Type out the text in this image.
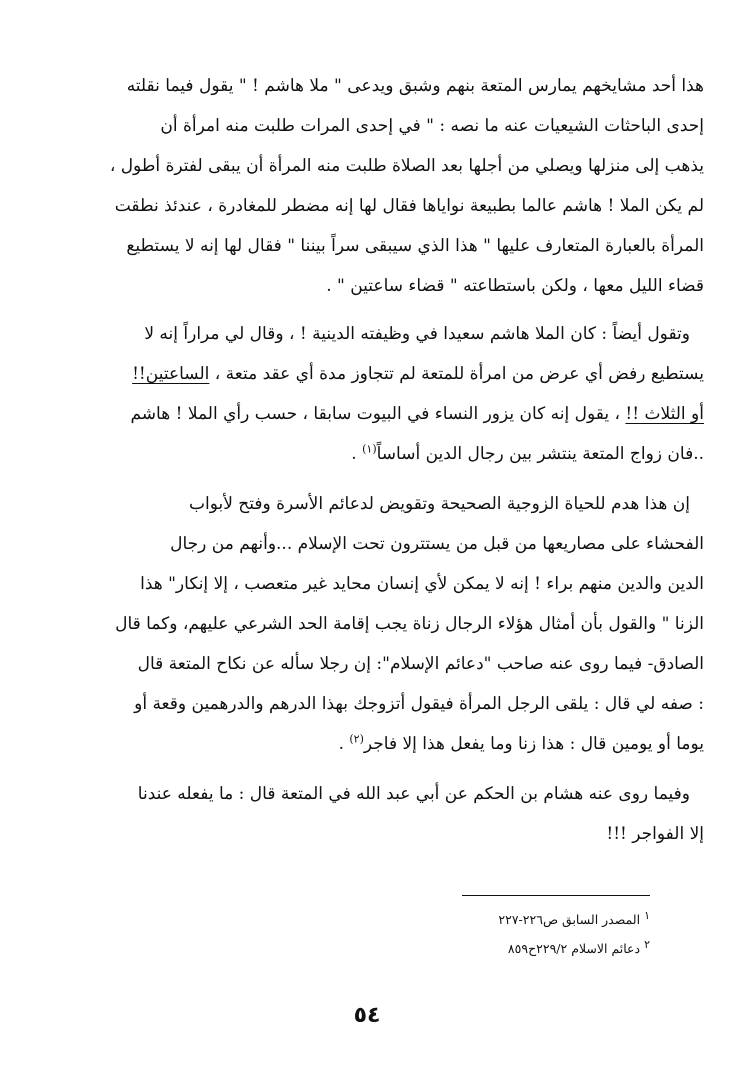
هذا أحد مشايخهم يمارس المتعة بنهم وشبق ويدعى " ملا هاشم ! " يقول فيما نقلته

إحدى الباحثات الشيعيات عنه ما نصه : " في إحدى المرات طلبت منه امرأة أن

يذهب إلى منزلها ويصلي من أجلها بعد الصلاة طلبت منه المرأة أن يبقى لفترة أطول ،

لم يكن الملا ! هاشم عالما بطبيعة نواياها فقال لها إنه مضطر للمغادرة ، عندئذ نطقت

المرأة بالعبارة المتعارف عليها " هذا الذي سيبقى سراً بيننا " فقال لها إنه لا يستطيع

قضاء الليل معها ، ولكن باستطاعته " قضاء ساعتين " .

وتقول أيضاً : كان الملا هاشم سعيدا في وظيفته الدينية ! ، وقال لي مراراً إنه لا

يستطيع رفض أي عرض من امرأة للمتعة لم تتجاوز مدة أي عقد متعة ، الساعتين!!

أو الثلاث !! ، يقول إنه كان يزور النساء في البيوت سابقا ، حسب رأي الملا ! هاشم

..فان زواج المتعة ينتشر بين رجال الدين أساساً$^{(١)}$ .

إن هذا هدم للحياة الزوجية الصحيحة وتقويض لدعائم الأسرة وفتح لأبواب

الفحشاء على مصاريعها من قبل من يستترون تحت الإسلام ...وأنهم من رجال

الدين والدين منهم براء ! إنه لا يمكن لأي إنسان محايد غير متعصب ، إلا إنكار" هذا

الزنا " والقول بأن أمثال هؤلاء الرجال زناة يجب إقامة الحد الشرعي عليهم، وكما قال

الصادق- فيما روى عنه صاحب "دعائم الإسلام": إن رجلا سأله عن نكاح المتعة قال

: صفه لي قال : يلقى الرجل المرأة فيقول أتزوجك بهذا الدرهم والدرهمين وقعة أو

يوما أو يومين قال : هذا زنا وما يفعل هذا إلا فاجر$^{(٢)}$ .

وفيما روى عنه هشام بن الحكم عن أبي عبد الله في المتعة قال : ما يفعله عندنا

إلا الفواجر !!!

$^١$ المصدر السابق ص٢٢٦-٢٢٧
$^٢$ دعائم الاسلام ٢٢٩/٢ح٨٥٩
٥٤
